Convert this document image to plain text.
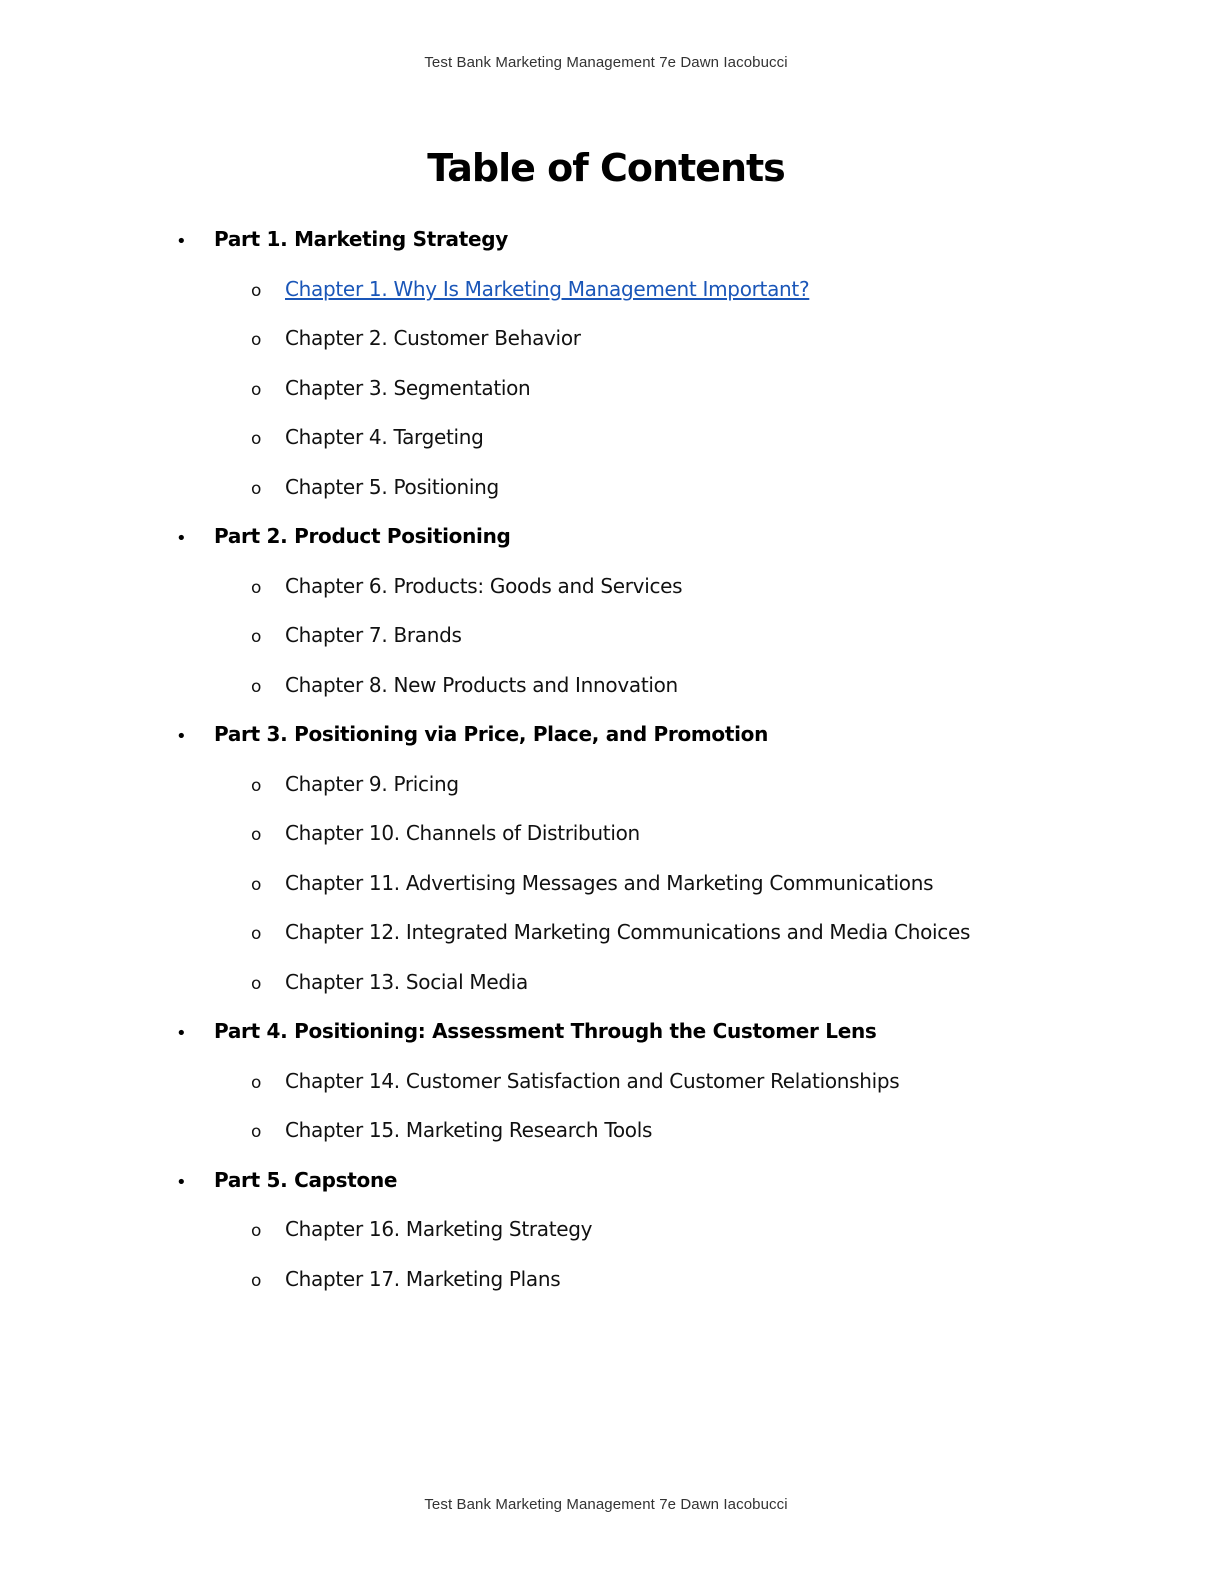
Test Bank Marketing Management 7e Dawn Iacobucci
Table of Contents
• Part 1. Marketing Strategy
o Chapter 1. Why Is Marketing Management Important?
o Chapter 2. Customer Behavior
o Chapter 3. Segmentation
o Chapter 4. Targeting
o Chapter 5. Positioning
• Part 2. Product Positioning
o Chapter 6. Products: Goods and Services
o Chapter 7. Brands
o Chapter 8. New Products and Innovation
• Part 3. Positioning via Price, Place, and Promotion
o Chapter 9. Pricing
o Chapter 10. Channels of Distribution
o Chapter 11. Advertising Messages and Marketing Communications
o Chapter 12. Integrated Marketing Communications and Media Choices
o Chapter 13. Social Media
• Part 4. Positioning: Assessment Through the Customer Lens
o Chapter 14. Customer Satisfaction and Customer Relationships
o Chapter 15. Marketing Research Tools
• Part 5. Capstone
o Chapter 16. Marketing Strategy
o Chapter 17. Marketing Plans
Test Bank Marketing Management 7e Dawn Iacobucci
